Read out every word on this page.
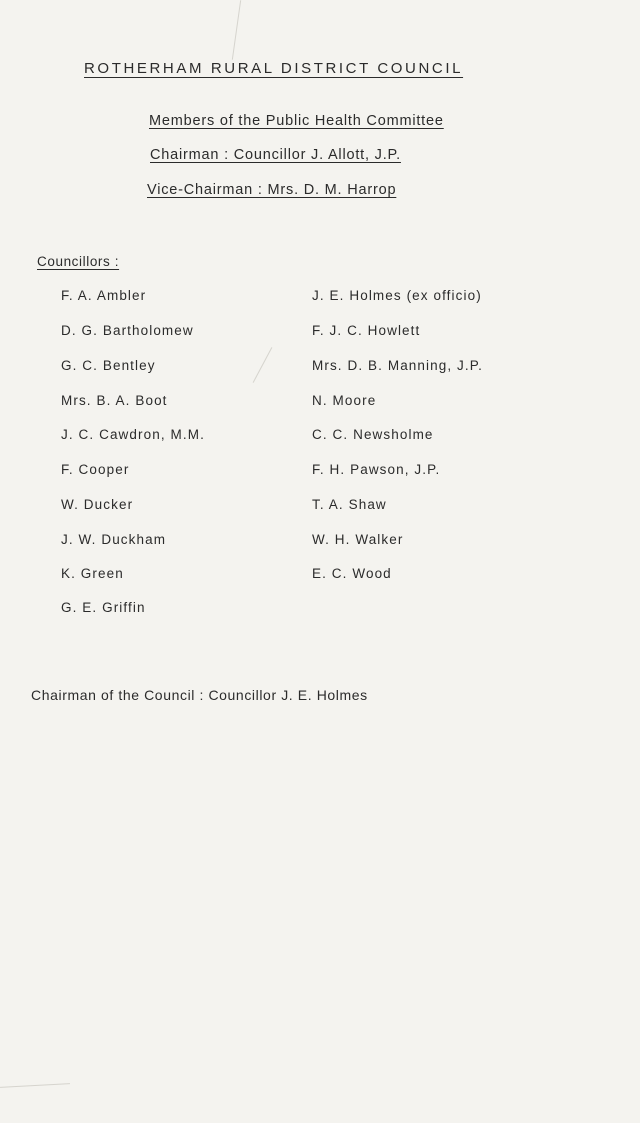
ROTHERHAM RURAL DISTRICT COUNCIL
Members of the Public Health Committee
Chairman : Councillor J. Allott, J.P.
Vice-Chairman : Mrs. D. M. Harrop
Councillors :
F. A. Ambler
D. G. Bartholomew
G. C. Bentley
Mrs. B. A. Boot
J. C. Cawdron, M.M.
F. Cooper
W. Ducker
J. W. Duckham
K. Green
G. E. Griffin
J. E. Holmes (ex officio)
F. J. C. Howlett
Mrs. D. B. Manning, J.P.
N. Moore
C. C. Newsholme
F. H. Pawson, J.P.
T. A. Shaw
W. H. Walker
E. C. Wood
Chairman of the Council : Councillor J. E. Holmes
